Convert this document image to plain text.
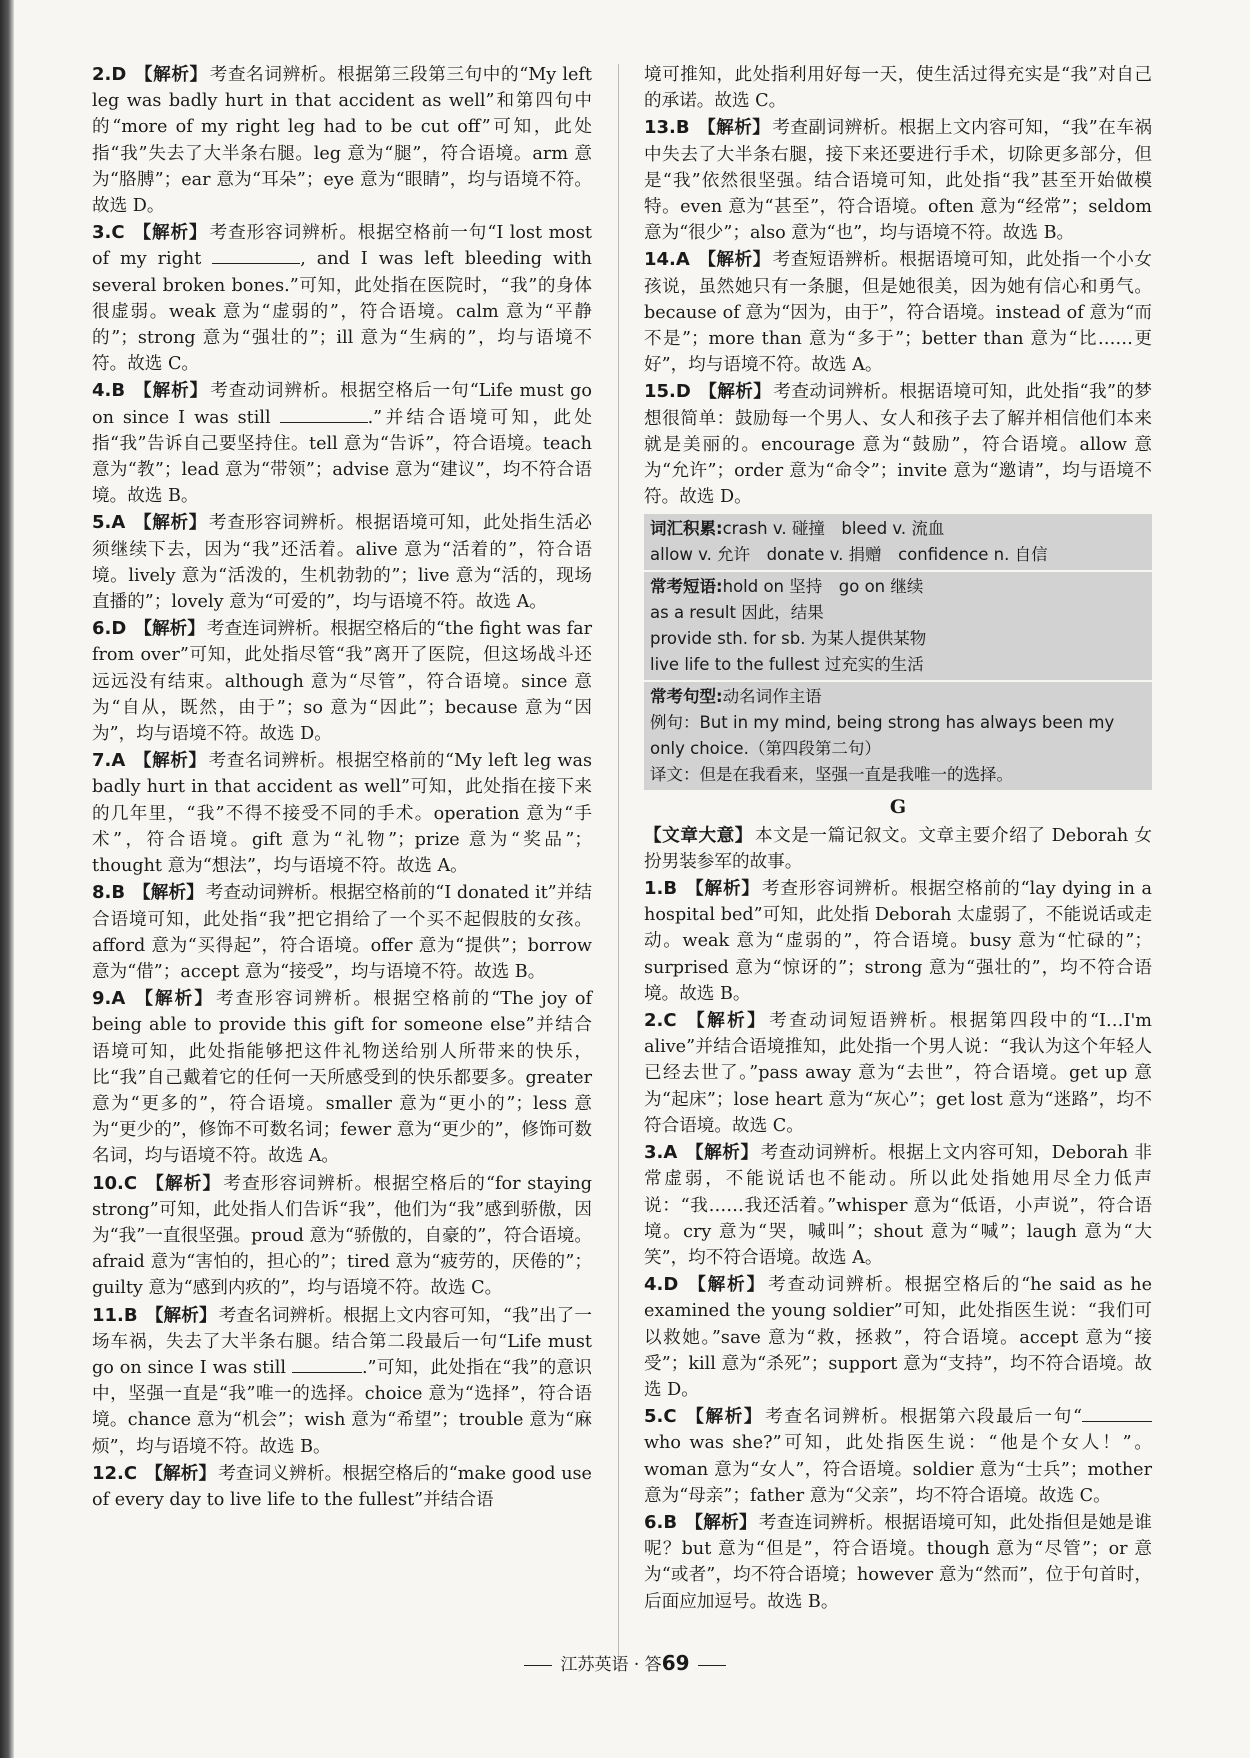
2.D 【解析】 考查名词辨析。根据第三段第三句中的“My left leg was badly hurt in that accident as well”和第四句中的“more of my right leg had to be cut off”可知，此处指“我”失去了大半条右腿。leg 意为“腿”，符合语境。arm 意为“胳膊”；ear 意为“耳朵”；eye 意为“眼睛”，均与语境不符。故选 D。

3.C 【解析】 考查形容词辨析。根据空格前一句“I lost most of my right	, and I was left bleeding with several broken bones.”可知，此处指在医院时，“我”的身体很虚弱。weak 意为“虚弱的”，符合语境。calm 意为“平静的”；strong 意为“强壮的”；ill 意为“生病的”，均与语境不符。故选 C。

4.B 【解析】 考查动词辨析。根据空格后一句“Life must go on since I was still	.”并结合语境可知，此处指“我”告诉自己要坚持住。tell 意为“告诉”，符合语境。teach 意为“教”；lead 意为“带领”；advise 意为“建议”，均不符合语境。故选 B。

5.A 【解析】 考查形容词辨析。根据语境可知，此处指生活必须继续下去，因为“我”还活着。alive 意为“活着的”，符合语境。lively 意为“活泼的，生机勃勃的”；live 意为“活的，现场直播的”；lovely 意为“可爱的”，均与语境不符。故选 A。

6.D 【解析】 考查连词辨析。根据空格后的“the fight was far from over”可知，此处指尽管“我”离开了医院，但这场战斗还远远没有结束。although 意为“尽管”，符合语境。since 意为“自从，既然，由于”；so 意为“因此”；because 意为“因为”，均与语境不符。故选 D。

7.A 【解析】 考查名词辨析。根据空格前的“My left leg was badly hurt in that accident as well”可知，此处指在接下来的几年里，“我”不得不接受不同的手术。operation 意为“手术”，符合语境。gift 意为“礼物”；prize 意为“奖品”；thought 意为“想法”，均与语境不符。故选 A。

8.B 【解析】 考查动词辨析。根据空格前的“I donated it”并结合语境可知，此处指“我”把它捐给了一个买不起假肢的女孩。afford 意为“买得起”，符合语境。offer 意为“提供”；borrow 意为“借”；accept 意为“接受”，均与语境不符。故选 B。

9.A 【解析】 考查形容词辨析。根据空格前的“The joy of being able to provide this gift for someone else”并结合语境可知，此处指能够把这件礼物送给别人所带来的快乐，比“我”自己戴着它的任何一天所感受到的快乐都要多。greater 意为“更多的”，符合语境。smaller 意为“更小的”；less 意为“更少的”，修饰不可数名词；fewer 意为“更少的”，修饰可数名词，均与语境不符。故选 A。

10.C 【解析】 考查形容词辨析。根据空格后的“for staying strong”可知，此处指人们告诉“我”，他们为“我”感到骄傲，因为“我”一直很坚强。proud 意为“骄傲的，自豪的”，符合语境。afraid 意为“害怕的，担心的”；tired 意为“疲劳的，厌倦的”；guilty 意为“感到内疚的”，均与语境不符。故选 C。

11.B 【解析】 考查名词辨析。根据上文内容可知，“我”出了一场车祸，失去了大半条右腿。结合第二段最后一句“Life must go on since I was still	.”可知，此处指在“我”的意识中，坚强一直是“我”唯一的选择。choice 意为“选择”，符合语境。chance 意为“机会”；wish 意为“希望”；trouble 意为“麻烦”，均与语境不符。故选 B。

12.C 【解析】 考查词义辨析。根据空格后的“make good use of every day to live life to the fullest”并结合语

境可推知，此处指利用好每一天，使生活过得充实是“我”对自己的承诺。故选 C。

13.B 【解析】 考查副词辨析。根据上文内容可知，“我”在车祸中失去了大半条右腿，接下来还要进行手术，切除更多部分，但是“我”依然很坚强。结合语境可知，此处指“我”甚至开始做模特。even 意为“甚至”，符合语境。often 意为“经常”；seldom 意为“很少”；also 意为“也”，均与语境不符。故选 B。

14.A 【解析】 考查短语辨析。根据语境可知，此处指一个小女孩说，虽然她只有一条腿，但是她很美，因为她有信心和勇气。because of 意为“因为，由于”，符合语境。instead of 意为“而不是”；more than 意为“多于”；better than 意为“比……更好”，均与语境不符。故选 A。

15.D 【解析】 考查动词辨析。根据语境可知，此处指“我”的梦想很简单：鼓励每一个男人、女人和孩子去了解并相信他们本来就是美丽的。encourage 意为“鼓励”，符合语境。allow 意为“允许”；order 意为“命令”；invite 意为“邀请”，均与语境不符。故选 D。

词汇积累:crash v. 碰撞　bleed v. 流血
allow v. 允许　donate v. 捐赠　confidence n. 自信
常考短语:hold on 坚持　go on 继续
as a result 因此，结果
provide sth. for sb. 为某人提供某物
live life to the fullest 过充实的生活
常考句型:动名词作主语
例句：But in my mind, being strong has always been my only choice.（第四段第二句）
译文：但是在我看来，坚强一直是我唯一的选择。
G

【文章大意】 本文是一篇记叙文。文章主要介绍了 Deborah 女扮男装参军的故事。

1.B 【解析】 考查形容词辨析。根据空格前的“lay dying in a hospital bed”可知，此处指 Deborah 太虚弱了，不能说话或走动。weak 意为“虚弱的”，符合语境。busy 意为“忙碌的”；surprised 意为“惊讶的”；strong 意为“强壮的”，均不符合语境。故选 B。

2.C 【解析】 考查动词短语辨析。根据第四段中的“I…I'm alive”并结合语境推知，此处指一个男人说：“我认为这个年轻人已经去世了。”pass away 意为“去世”，符合语境。get up 意为“起床”；lose heart 意为“灰心”；get lost 意为“迷路”，均不符合语境。故选 C。

3.A 【解析】 考查动词辨析。根据上文内容可知，Deborah 非常虚弱，不能说话也不能动。所以此处指她用尽全力低声说：“我……我还活着。”whisper 意为“低语，小声说”，符合语境。cry 意为“哭，喊叫”；shout 意为“喊”；laugh 意为“大笑”，均不符合语境。故选 A。

4.D 【解析】 考查动词辨析。根据空格后的“he said as he examined the young soldier”可知，此处指医生说：“我们可以救她。”save 意为“救，拯救”，符合语境。accept 意为“接受”；kill 意为“杀死”；support 意为“支持”，均不符合语境。故选 D。

5.C 【解析】 考查名词辨析。根据第六段最后一句“ who was she?”可知，此处指医生说：“他是个女人！”。woman 意为“女人”，符合语境。soldier 意为“士兵”；mother 意为“母亲”；father 意为“父亲”，均不符合语境。故选 C。

6.B 【解析】 考查连词辨析。根据语境可知，此处指但是她是谁呢？but 意为“但是”，符合语境。though 意为“尽管”；or 意为“或者”，均不符合语境；however 意为“然而”，位于句首时，后面应加逗号。故选 B。

江苏英语 · 答69
